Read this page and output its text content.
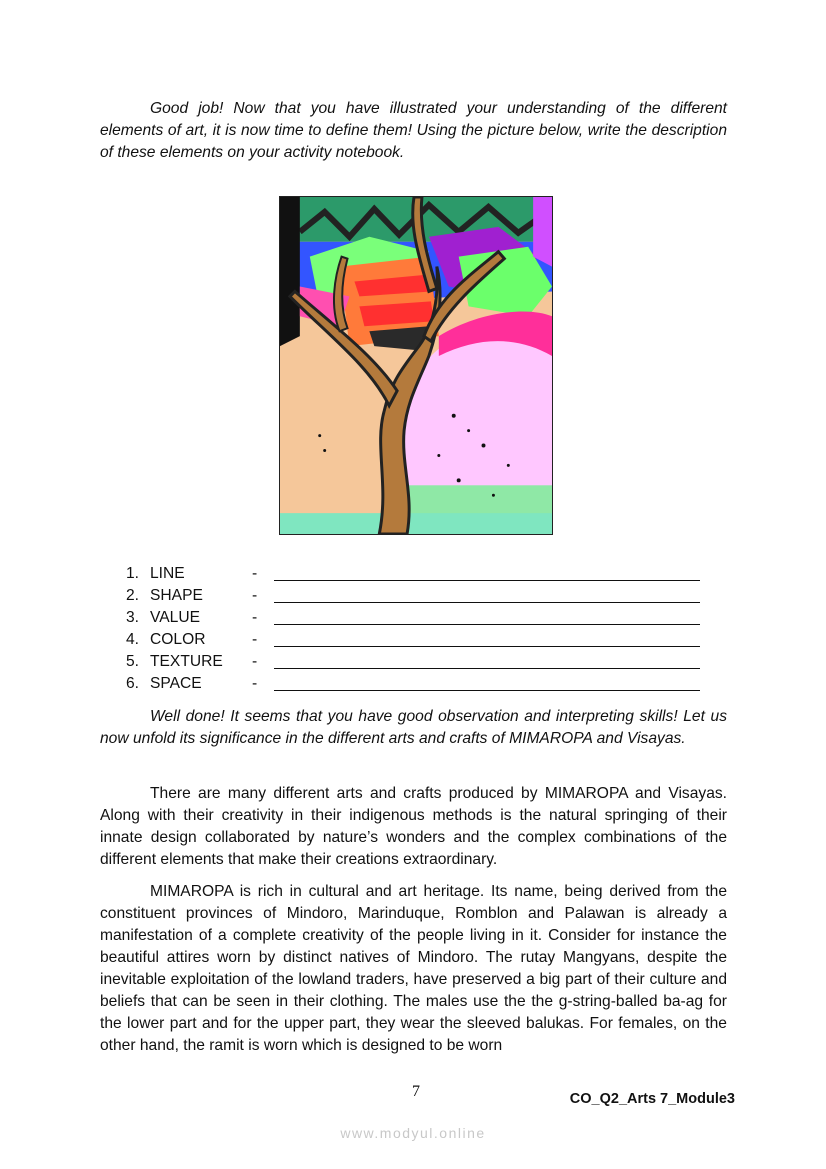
Good job! Now that you have illustrated your understanding of the different elements of art, it is now time to define them! Using the picture below, write the description of these elements on your activity notebook.

1. LINE	-
2. SHAPE	-
3. VALUE	-
4. COLOR	-
5. TEXTURE -
6. SPACE	-

Well done! It seems that you have good observation and interpreting skills! Let us now unfold its significance in the different arts and crafts of MIMAROPA and Visayas.

There are many different arts and crafts produced by MIMAROPA and Visayas. Along with their creativity in their indigenous methods is the natural springing of their innate design collaborated by nature’s wonders and the complex combinations of the different elements that make their creations extraordinary.

MIMAROPA is rich in cultural and art heritage. Its name, being derived from the constituent provinces of Mindoro, Marinduque, Romblon and Palawan is already a manifestation of a complete creativity of the people living in it. Consider for instance the beautiful attires worn by distinct natives of Mindoro. The rutay Mangyans, despite the inevitable exploitation of the lowland traders, have preserved a big part of their culture and beliefs that can be seen in their clothing. The males use the the g-string-balled ba-ag for the lower part and for the upper part, they wear the sleeved balukas. For females, on the other hand, the ramit is worn which is designed to be worn

7	CO_Q2_Arts 7_Module3
www.modyul.online
